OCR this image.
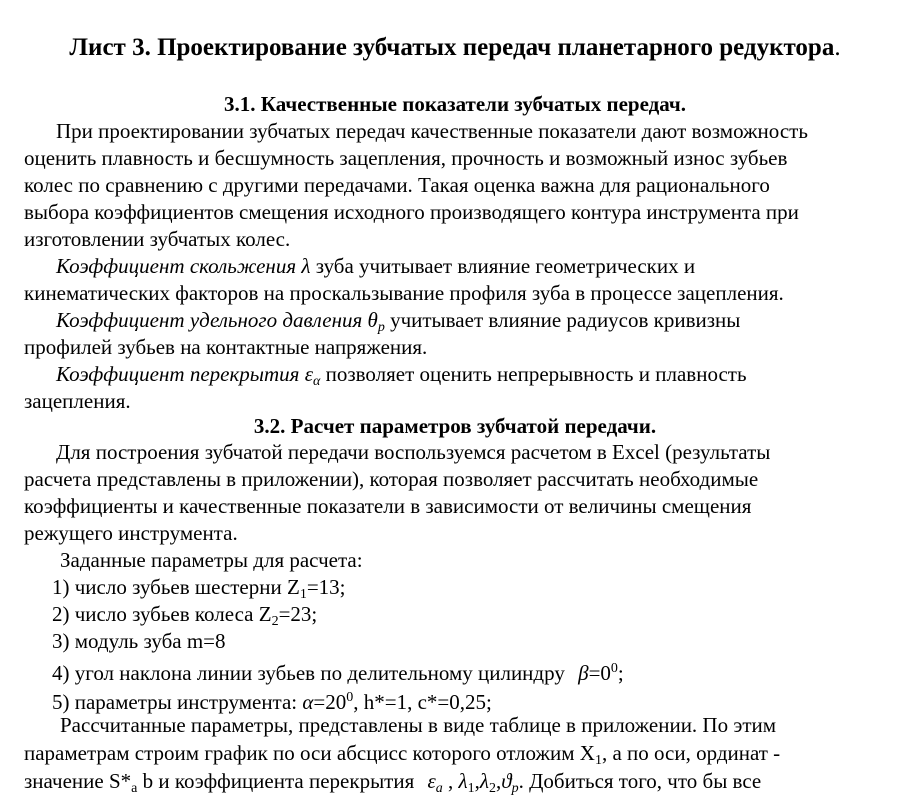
Лист 3. Проектирование зубчатых передач планетарного редуктора.
3.1. Качественные показатели зубчатых передач.
При проектировании зубчатых передач качественные показатели дают возможность
оценить плавность и бесшумность зацепления, прочность и возможный износ зубьев
колес по сравнению с другими передачами. Такая оценка важна для рационального
выбора коэффициентов смещения исходного производящего контура инструмента при
изготовлении зубчатых колес.
Коэффициент скольжения λ зуба учитывает влияние геометрических и
кинематических факторов на проскальзывание профиля зуба в процессе зацепления.
Коэффициент удельного давления $\theta_p$ учитывает влияние радиусов кривизны
профилей зубьев на контактные напряжения.
Коэффициент перекрытия $\varepsilon_\alpha$ позволяет оценить непрерывность и плавность
зацепления.
3.2. Расчет параметров зубчатой передачи.
Для построения зубчатой передачи воспользуемся расчетом в Excel (результаты
расчета представлены в приложении), которая позволяет рассчитать необходимые
коэффициенты и качественные показатели в зависимости от величины смещения
режущего инструмента.
Заданные параметры для расчета:
1) число зубьев шестерни $Z_1=13$;
2) число зубьев колеса $Z_2=23$;
3) модуль зуба m=8
4) угол наклона линии зубьев по делительному цилиндру $\beta=0^0$;
5) параметры инструмента: $\alpha=20^0$, h*=1, c*=0,25;
Рассчитанные параметры, представлены в виде таблице в приложении. По этим
параметрам строим график по оси абсцисс которого отложим $X_1$, а по оси, ординат -
значение $S*_a$ b и коэффициента перекрытия $\varepsilon_a$ , $\lambda_1,\lambda_2,ϑ_p$. Добиться того, что бы все
